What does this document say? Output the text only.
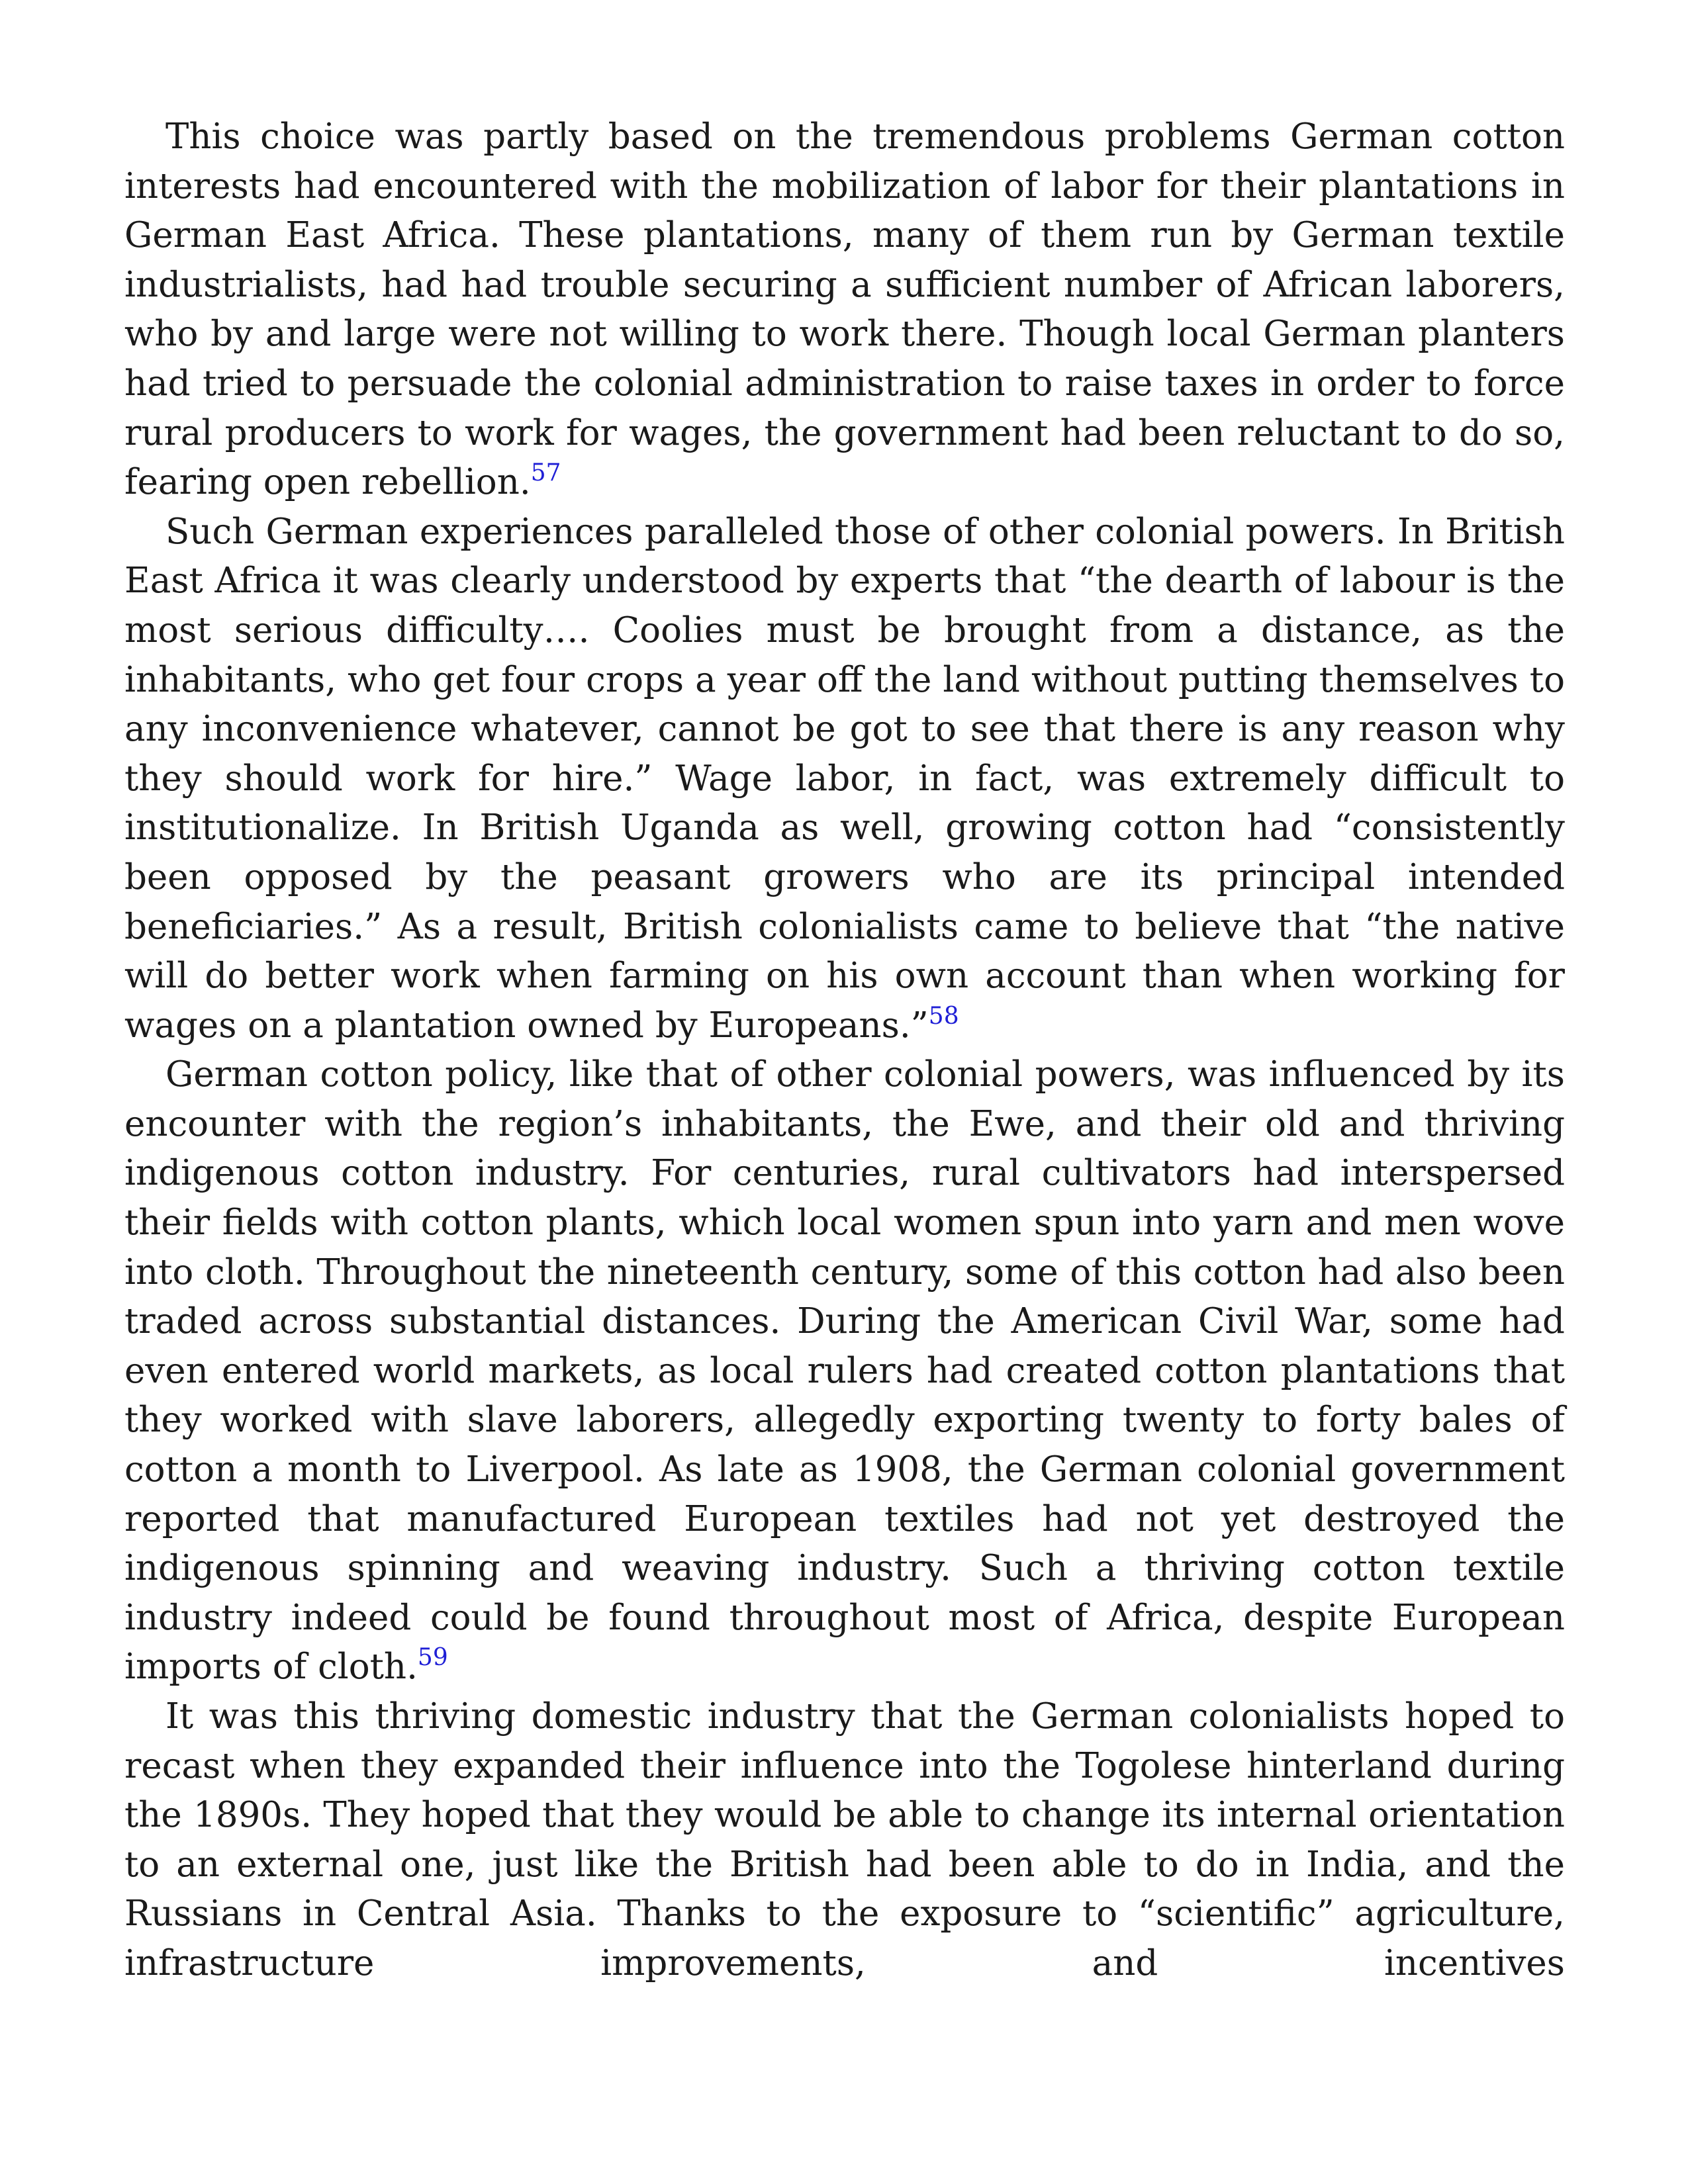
This choice was partly based on the tremendous problems German cotton interests had encountered with the mobilization of labor for their plantations in German East Africa. These plantations, many of them run by German textile industrialists, had had trouble securing a sufficient number of African laborers, who by and large were not willing to work there. Though local German planters had tried to persuade the colonial administration to raise taxes in order to force rural producers to work for wages, the government had been reluctant to do so, fearing open rebellion.$^{57}$

Such German experiences paralleled those of other colonial powers. In British East Africa it was clearly understood by experts that “the dearth of labour is the most serious difficulty…. Coolies must be brought from a distance, as the inhabitants, who get four crops a year off the land without putting themselves to any inconvenience whatever, cannot be got to see that there is any reason why they should work for hire.” Wage labor, in fact, was extremely difficult to institutionalize. In British Uganda as well, growing cotton had “consistently been opposed by the peasant growers who are its principal intended beneficiaries.” As a result, British colonialists came to believe that “the native will do better work when farming on his own account than when working for wages on a plantation owned by Europeans.”$^{58}$

German cotton policy, like that of other colonial powers, was influenced by its encounter with the region’s inhabitants, the Ewe, and their old and thriving indigenous cotton industry. For centuries, rural cultivators had interspersed their fields with cotton plants, which local women spun into yarn and men wove into cloth. Throughout the nineteenth century, some of this cotton had also been traded across substantial distances. During the American Civil War, some had even entered world markets, as local rulers had created cotton plantations that they worked with slave laborers, allegedly exporting twenty to forty bales of cotton a month to Liverpool. As late as 1908, the German colonial government reported that manufactured European textiles had not yet destroyed the indigenous spinning and weaving industry. Such a thriving cotton textile industry indeed could be found throughout most of Africa, despite European imports of cloth.$^{59}$

It was this thriving domestic industry that the German colonialists hoped to recast when they expanded their influence into the Togolese hinterland during the 1890s. They hoped that they would be able to change its internal orientation to an external one, just like the British had been able to do in India, and the Russians in Central Asia. Thanks to the exposure to “scientific” agriculture, infrastructure improvements, and incentives
